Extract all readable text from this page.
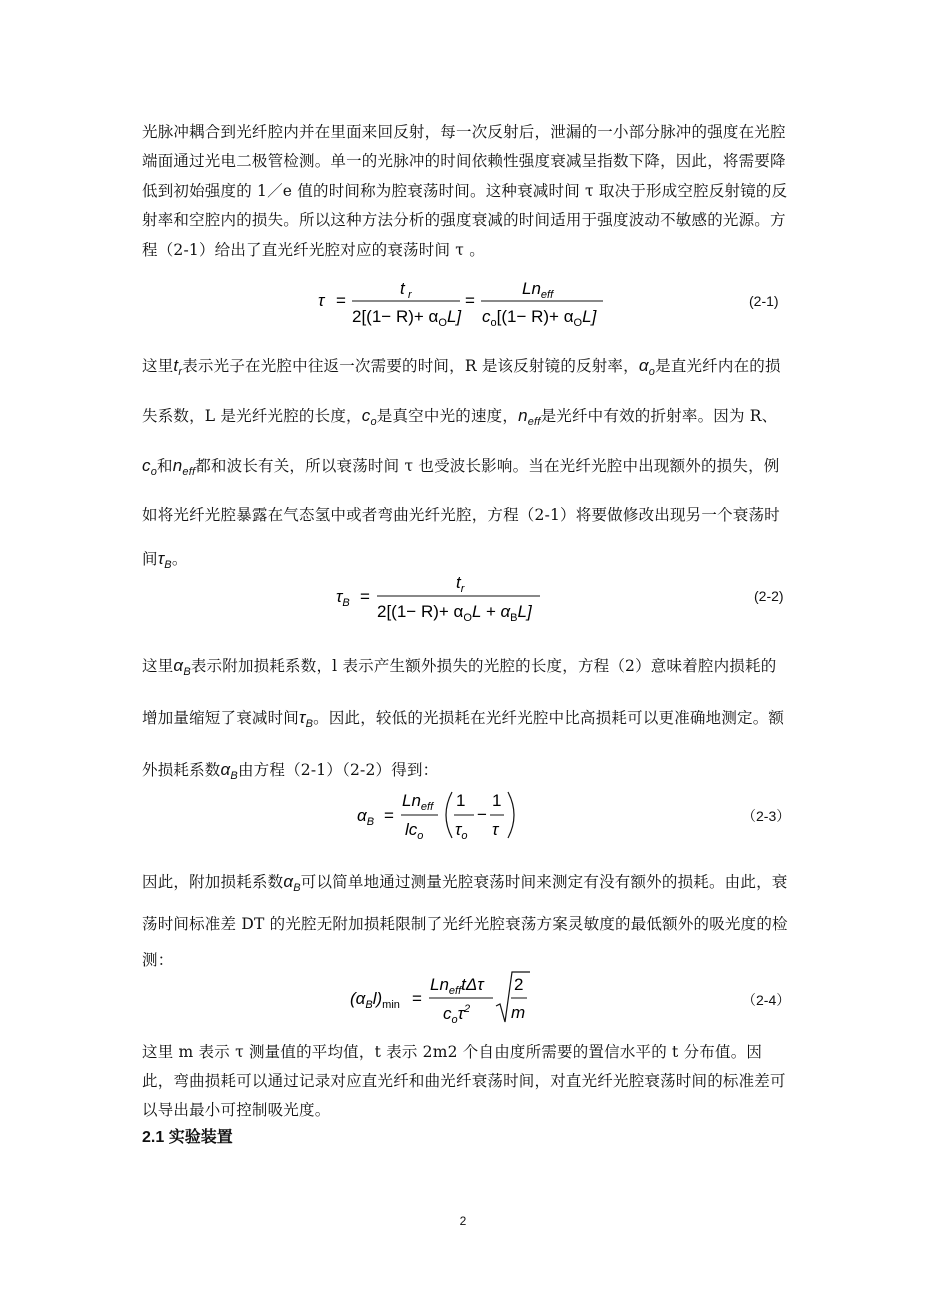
光脉冲耦合到光纤腔内并在里面来回反射，每一次反射后，泄漏的一小部分脉冲的强度在光腔端面通过光电二极管检测。单一的光脉冲的时间依赖性强度衰减呈指数下降，因此，将需要降低到初始强度的 1／e 值的时间称为腔衰荡时间。这种衰减时间 τ 取决于形成空腔反射镜的反射率和空腔内的损失。所以这种方法分析的强度衰减的时间适用于强度波动不敏感的光源。方程（2-1）给出了直光纤光腔对应的衰荡时间 τ 。

τ =
t r
$2[(1- R)+ \alpha_OL]$
=
$Ln_{eff}$
$c_o[(1- R)+ \alpha_OL]$
(2-1)

这里$t_r$表示光子在光腔中往返一次需要的时间，R 是该反射镜的反射率，$\alpha_o$是直光纤内在的损失系数，L 是光纤光腔的长度，$c_o$是真空中光的速度，$n_{eff}$是光纤中有效的折射率。因为 R、$c_o$和$n_{eff}$都和波长有关，所以衰荡时间 τ 也受波长影响。当在光纤光腔中出现额外的损失，例如将光纤光腔暴露在气态氢中或者弯曲光纤光腔，方程（2-1）将要做修改出现另一个衰荡时间$\tau_B$。

$\tau_B$ =
$t_r$
$2[(1- R)+ \alpha_OL + \alpha_BL]$
(2-2)

这里$\alpha_B$表示附加损耗系数，l 表示产生额外损失的光腔的长度，方程（2）意味着腔内损耗的增加量缩短了衰减时间$\tau_B$。因此，较低的光损耗在光纤光腔中比高损耗可以更准确地测定。额外损耗系数$\alpha_B$由方程（2-1）（2-2）得到：

$\alpha_B$ =
$Ln_{eff}$
$lc_o$
1
$\tau_o$
−
1
τ
（2-3）

因此，附加损耗系数$\alpha_B$可以简单地通过测量光腔衰荡时间来测定有没有额外的损耗。由此，衰荡时间标准差 DT 的光腔无附加损耗限制了光纤光腔衰荡方案灵敏度的最低额外的吸光度的检测：

$(\alpha_Bl)_{min}$ =
$Ln_{eff}t\Delta\tau$
$c_o\tau^2$
2
m
（2-4）

这里 m 表示 τ 测量值的平均值，t 表示 2m2 个自由度所需要的置信水平的 t 分布值。因此，弯曲损耗可以通过记录对应直光纤和曲光纤衰荡时间，对直光纤光腔衰荡时间的标准差可以导出最小可控制吸光度。

2.1 实验装置

2
